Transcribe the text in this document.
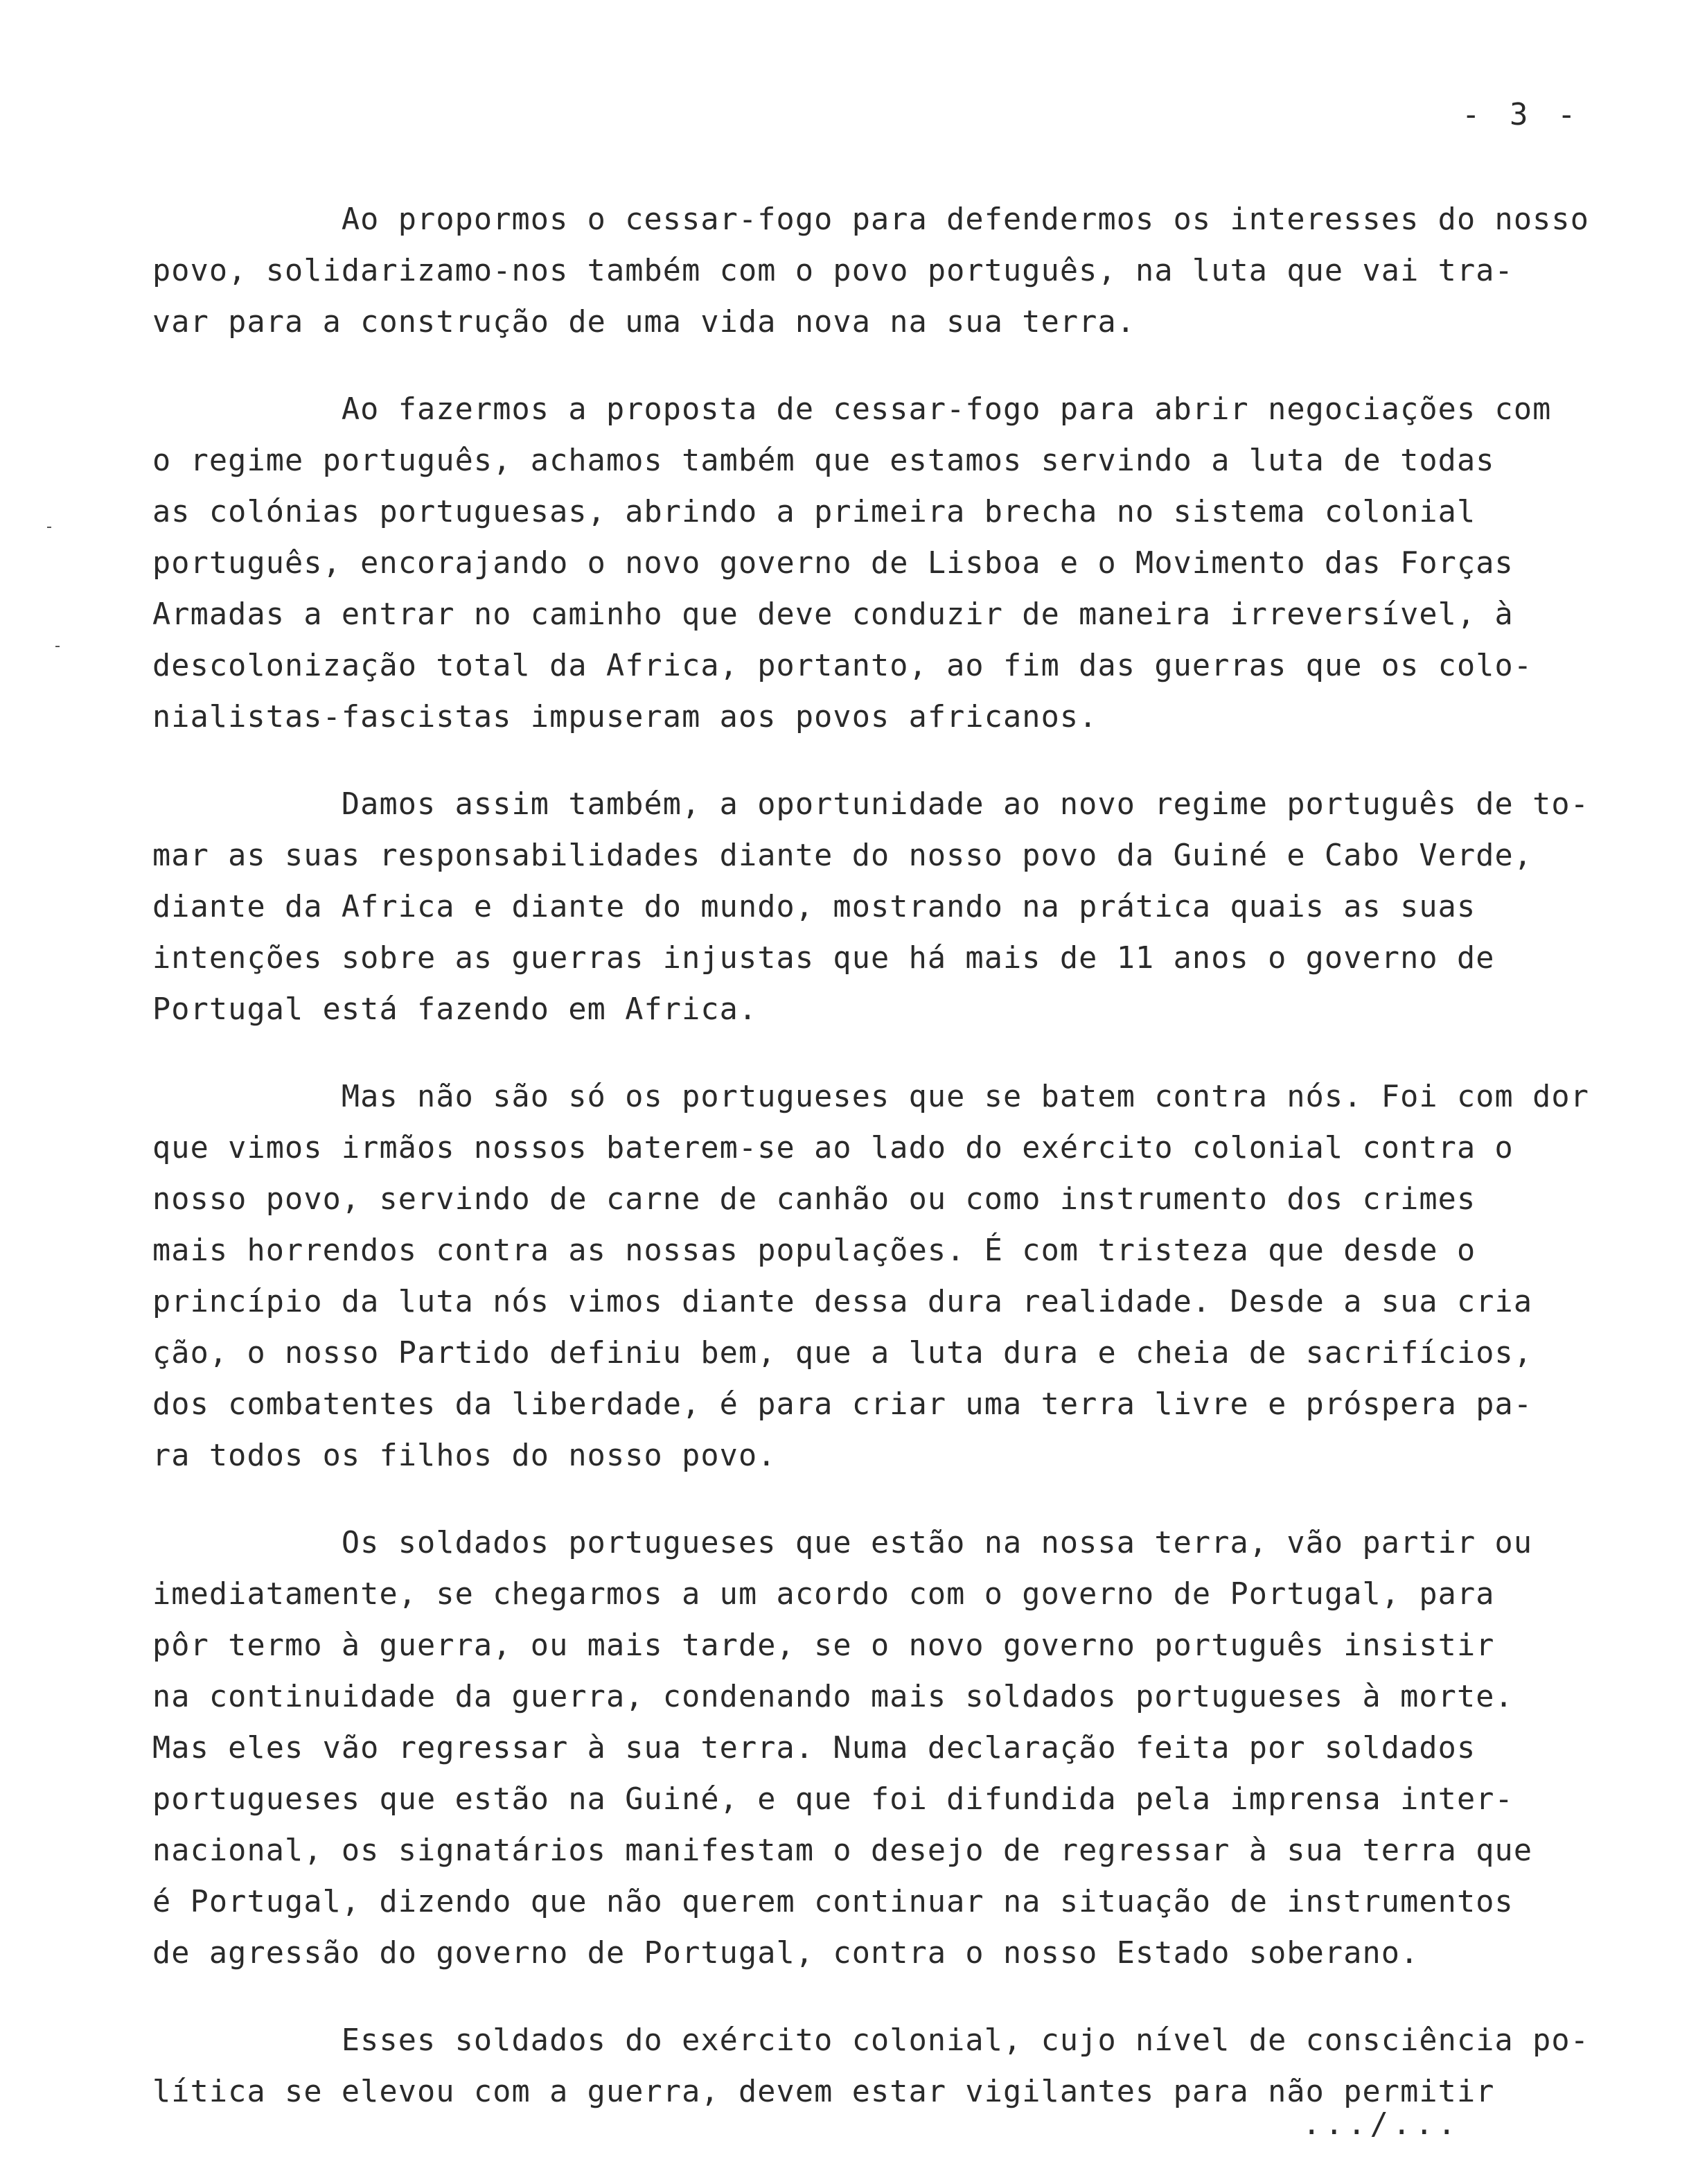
- 3 -
Ao propormos o cessar-fogo para defendermos os interesses do nosso
povo, solidarizamo-nos também com o povo português, na luta que vai tra-
var para a construção de uma vida nova na sua terra.
Ao fazermos a proposta de cessar-fogo para abrir negociações com
o regime português, achamos também que estamos servindo a luta de todas
as colónias portuguesas, abrindo a primeira brecha no sistema colonial
português, encorajando o novo governo de Lisboa e o Movimento das Forças
Armadas a entrar no caminho que deve conduzir de maneira irreversível, à
descolonização total da Africa, portanto, ao fim das guerras que os colo-
nialistas-fascistas impuseram aos povos africanos.
Damos assim também, a oportunidade ao novo regime português de to-
mar as suas responsabilidades diante do nosso povo da Guiné e Cabo Verde,
diante da Africa e diante do mundo, mostrando na prática quais as suas
intenções sobre as guerras injustas que há mais de 11 anos o governo de
Portugal está fazendo em Africa.
Mas não são só os portugueses que se batem contra nós. Foi com dor
que vimos irmãos nossos baterem-se ao lado do exército colonial contra o
nosso povo, servindo de carne de canhão ou como instrumento dos crimes
mais horrendos contra as nossas populações. É com tristeza que desde o
princípio da luta nós vimos diante dessa dura realidade. Desde a sua cria
ção, o nosso Partido definiu bem, que a luta dura e cheia de sacrifícios,
dos combatentes da liberdade, é para criar uma terra livre e próspera pa-
ra todos os filhos do nosso povo.
Os soldados portugueses que estão na nossa terra, vão partir ou
imediatamente, se chegarmos a um acordo com o governo de Portugal, para
pôr termo à guerra, ou mais tarde, se o novo governo português insistir
na continuidade da guerra, condenando mais soldados portugueses à morte.
Mas eles vão regressar à sua terra. Numa declaração feita por soldados
portugueses que estão na Guiné, e que foi difundida pela imprensa inter-
nacional, os signatários manifestam o desejo de regressar à sua terra que
é Portugal, dizendo que não querem continuar na situação de instrumentos
de agressão do governo de Portugal, contra o nosso Estado soberano.
Esses soldados do exército colonial, cujo nível de consciência po-
lítica se elevou com a guerra, devem estar vigilantes para não permitir
.../...
